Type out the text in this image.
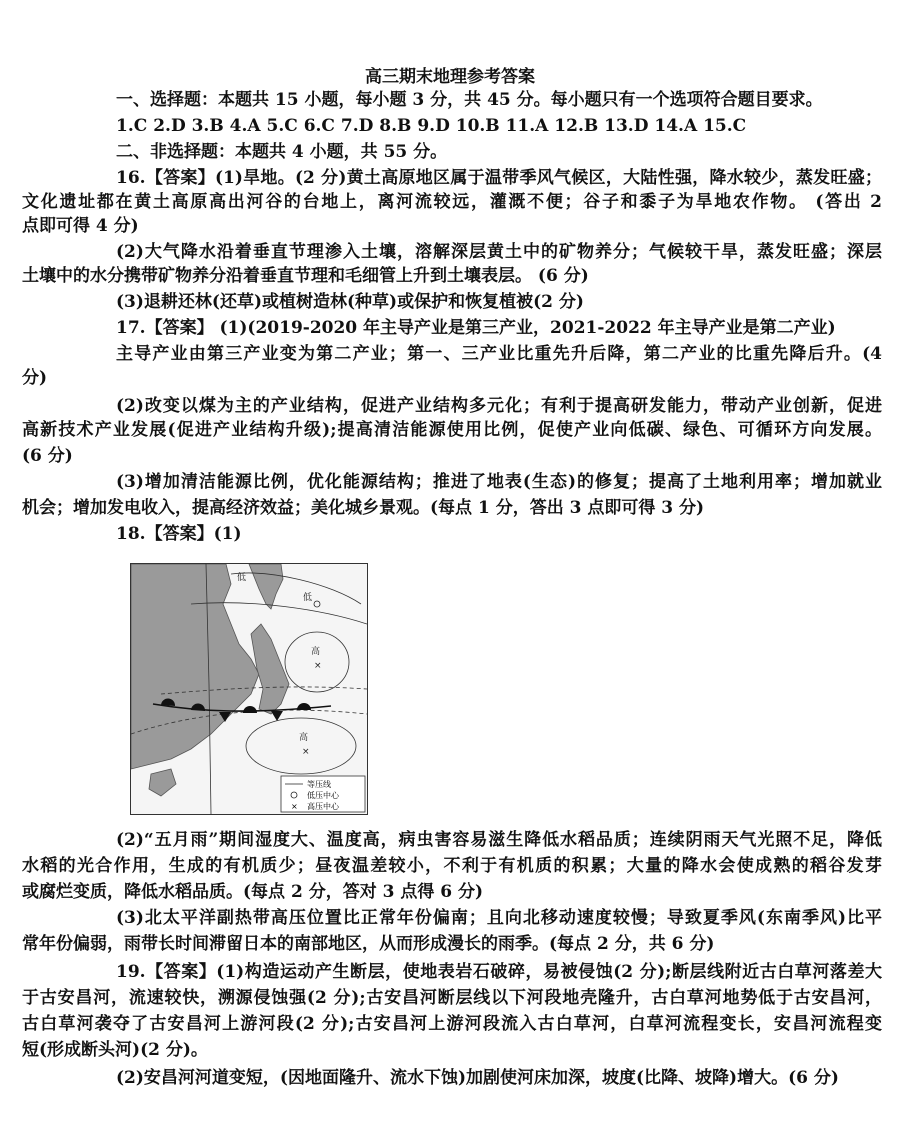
高三期末地理参考答案
一、选择题：本题共 15 小题，每小题 3 分，共 45 分。每小题只有一个选项符合题目要求。
1.C 2.D 3.B 4.A 5.C 6.C 7.D 8.B 9.D 10.B 11.A 12.B 13.D 14.A 15.C
二、非选择题：本题共 4 小题，共 55 分。
16.【答案】(1)旱地。(2 分)黄土高原地区属于温带季风气候区，大陆性强，降水较少，蒸发旺盛；
文化遗址都在黄土高原高出河谷的台地上，离河流较远，灌溉不便；谷子和黍子为旱地农作物。 (答出 2
点即可得 4 分)
(2)大气降水沿着垂直节理渗入土壤，溶解深层黄土中的矿物养分；气候较干旱，蒸发旺盛；深层
土壤中的水分携带矿物养分沿着垂直节理和毛细管上升到土壤表层。 (6 分)
(3)退耕还林(还草)或植树造林(种草)或保护和恢复植被(2 分)
17.【答案】 (1)(2019-2020 年主导产业是第三产业，2021-2022 年主导产业是第二产业)
主导产业由第三产业变为第二产业；第一、三产业比重先升后降，第二产业的比重先降后升。(4
分)
(2)改变以煤为主的产业结构，促进产业结构多元化；有利于提高研发能力，带动产业创新，促进
高新技术产业发展(促进产业结构升级);提高清洁能源使用比例，促使产业向低碳、绿色、可循环方向发展。
(6 分)
(3)增加清洁能源比例，优化能源结构；推进了地表(生态)的修复；提高了土地利用率；增加就业
机会；增加发电收入，提高经济效益；美化城乡景观。(每点 1 分，答出 3 点即可得 3 分)
18.【答案】(1)
低
低
高
×
高
×
等压线
低压中心
× 高压中心
(2)“五月雨”期间湿度大、温度高，病虫害容易滋生降低水稻品质；连续阴雨天气光照不足，降低
水稻的光合作用，生成的有机质少；昼夜温差较小，不利于有机质的积累；大量的降水会使成熟的稻谷发芽
或腐烂变质，降低水稻品质。(每点 2 分，答对 3 点得 6 分)
(3)北太平洋副热带高压位置比正常年份偏南；且向北移动速度较慢；导致夏季风(东南季风)比平
常年份偏弱，雨带长时间滞留日本的南部地区，从而形成漫长的雨季。(每点 2 分，共 6 分)
19.【答案】(1)构造运动产生断层，使地表岩石破碎，易被侵蚀(2 分);断层线附近古白草河落差大
于古安昌河，流速较快，溯源侵蚀强(2 分);古安昌河断层线以下河段地壳隆升，古白草河地势低于古安昌河，
古白草河袭夺了古安昌河上游河段(2 分);古安昌河上游河段流入古白草河，白草河流程变长，安昌河流程变
短(形成断头河)(2 分)。
(2)安昌河河道变短，(因地面隆升、流水下蚀)加剧使河床加深，坡度(比降、坡降)增大。(6 分)
